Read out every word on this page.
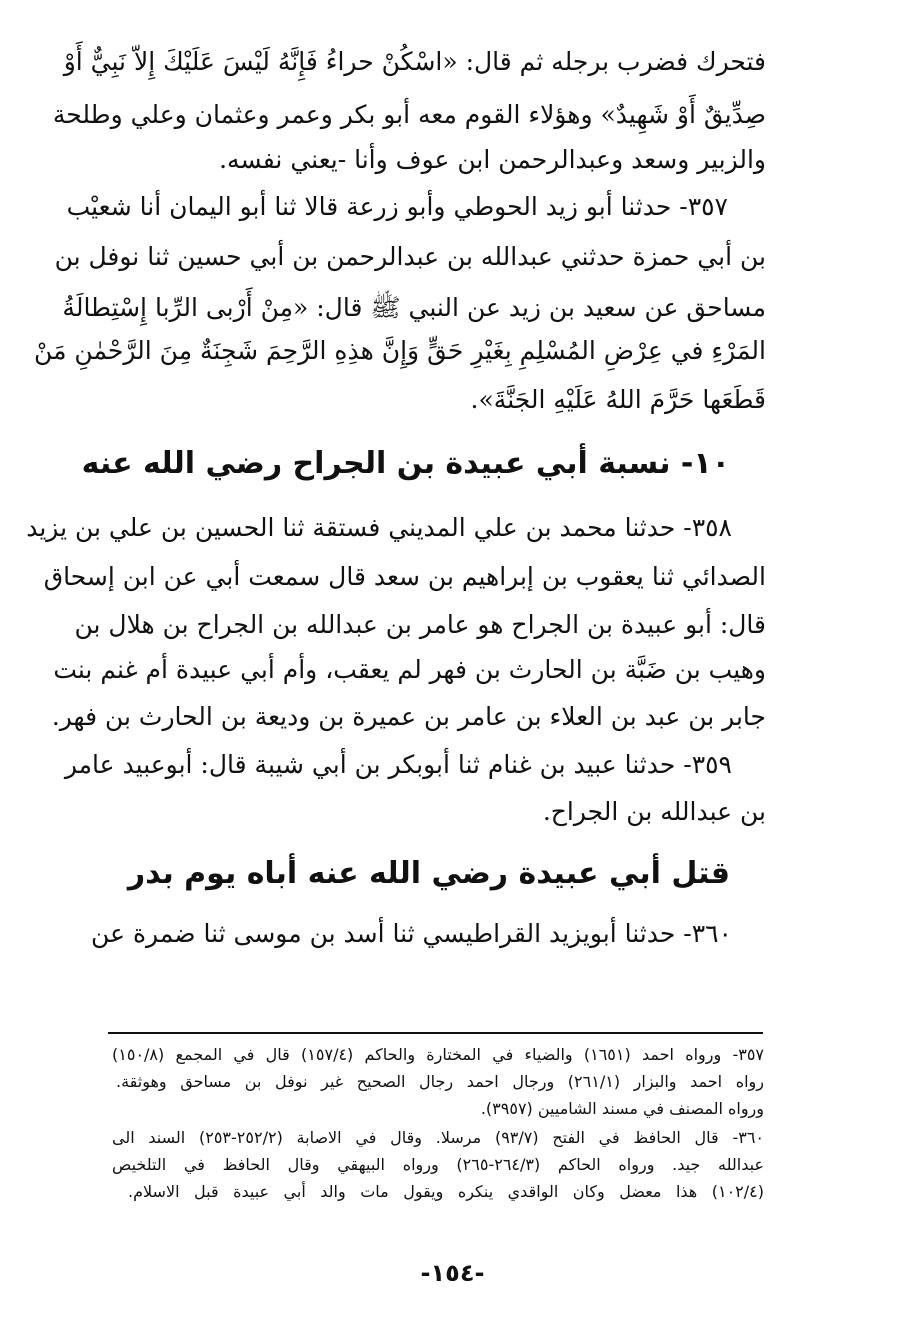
فتحرك فضرب برجله ثم قال: «اسْكُنْ حراءُ فَإِنَّهُ لَيْسَ عَلَيْكَ إِلاّ نَبِيٌّ أَوْ
صِدِّيقٌ أَوْ شَهِيدٌ» وهؤلاء القوم معه أبو بكر وعمر وعثمان وعلي وطلحة
والزبير وسعد وعبدالرحمن ابن عوف وأنا -يعني نفسه.
٣٥٧- حدثنا أبو زيد الحوطي وأبو زرعة قالا ثنا أبو اليمان أنا شعيْب
بن أبي حمزة حدثني عبدالله بن عبدالرحمن بن أبي حسين ثنا نوفل بن
مساحق عن سعيد بن زيد عن النبي ﷺ قال: «مِنْ أَرْبى الرِّبا إِسْتِطالَةُ
المَرْءِ في عِرْضِ المُسْلِمِ بِغَيْرِ حَقٍّ وَإِنَّ هذِهِ الرَّحِمَ شَجِنَةٌ مِنَ الرَّحْمٰنِ مَنْ
قَطَعَها حَرَّمَ اللهُ عَلَيْهِ الجَنَّةَ».
١٠- نسبة أبي عبيدة بن الجراح رضي الله عنه
٣٥٨- حدثنا محمد بن علي المديني فستقة ثنا الحسين بن علي بن يزيد
الصدائي ثنا يعقوب بن إبراهيم بن سعد قال سمعت أبي عن ابن إسحاق
قال: أبو عبيدة بن الجراح هو عامر بن عبدالله بن الجراح بن هلال بن
وهيب بن ضَبَّة بن الحارث بن فهر لم يعقب، وأم أبي عبيدة أم غنم بنت
جابر بن عبد بن العلاء بن عامر بن عميرة بن وديعة بن الحارث بن فهر.
٣٥٩- حدثنا عبيد بن غنام ثنا أبوبكر بن أبي شيبة قال: أبوعبيد عامر
بن عبدالله بن الجراح.
قتل أبي عبيدة رضي الله عنه أباه يوم بدر
٣٦٠- حدثنا أبويزيد القراطيسي ثنا أسد بن موسى ثنا ضمرة عن
٣٥٧- ورواه احمد (١٦٥١) والضياء في المختارة والحاكم (١٥٧/٤) قال في المجمع (١٥٠/٨)
رواه احمد والبزار (٢٦١/١) ورجال احمد رجال الصحيح غير نوفل بن مساحق وهوثقة.
ورواه المصنف في مسند الشاميين (٣٩٥٧).
٣٦٠- قال الحافظ في الفتح (٩٣/٧) مرسلا. وقال في الاصابة (٢٥٢/٢-٢٥٣) السند الى
عبدالله جيد. ورواه الحاكم (٢٦٤/٣-٢٦٥) ورواه البيهقي وقال الحافظ في التلخيص
(١٠٢/٤) هذا معضل وكان الواقدي ينكره ويقول مات والد أبي عبيدة قبل الاسلام.
-١٥٤-
